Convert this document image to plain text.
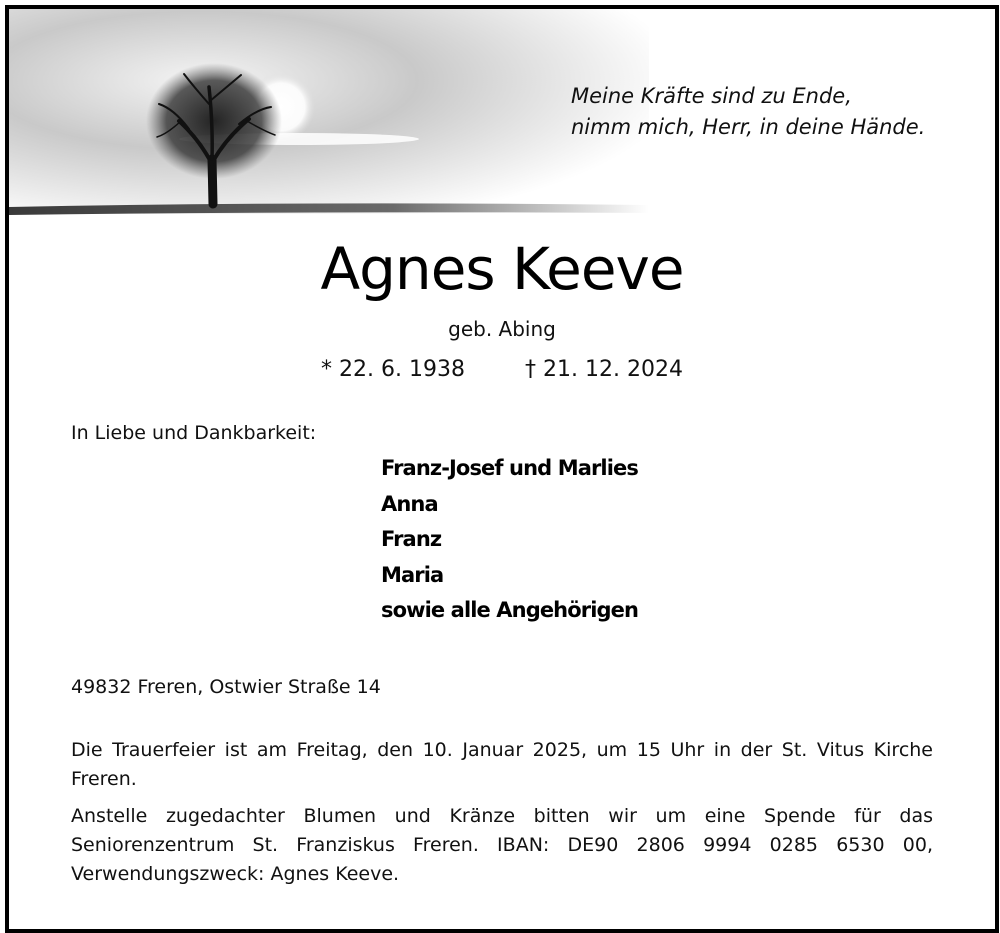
Meine Kräfte sind zu Ende,
nimm mich, Herr, in deine Hände.
Agnes Keeve
geb. Abing
* 22. 6. 1938	† 21. 12. 2024
In Liebe und Dankbarkeit:
Franz-Josef und Marlies
Anna
Franz
Maria
sowie alle Angehörigen
49832 Freren, Ostwier Straße 14
Die Trauerfeier ist am Freitag, den 10. Januar 2025, um 15 Uhr in der St. Vitus Kirche Freren.
Anstelle zugedachter Blumen und Kränze bitten wir um eine Spende für das Seniorenzentrum St. Franziskus Freren. IBAN: DE90 2806 9994 0285 6530 00, Verwendungszweck: Agnes Keeve.
